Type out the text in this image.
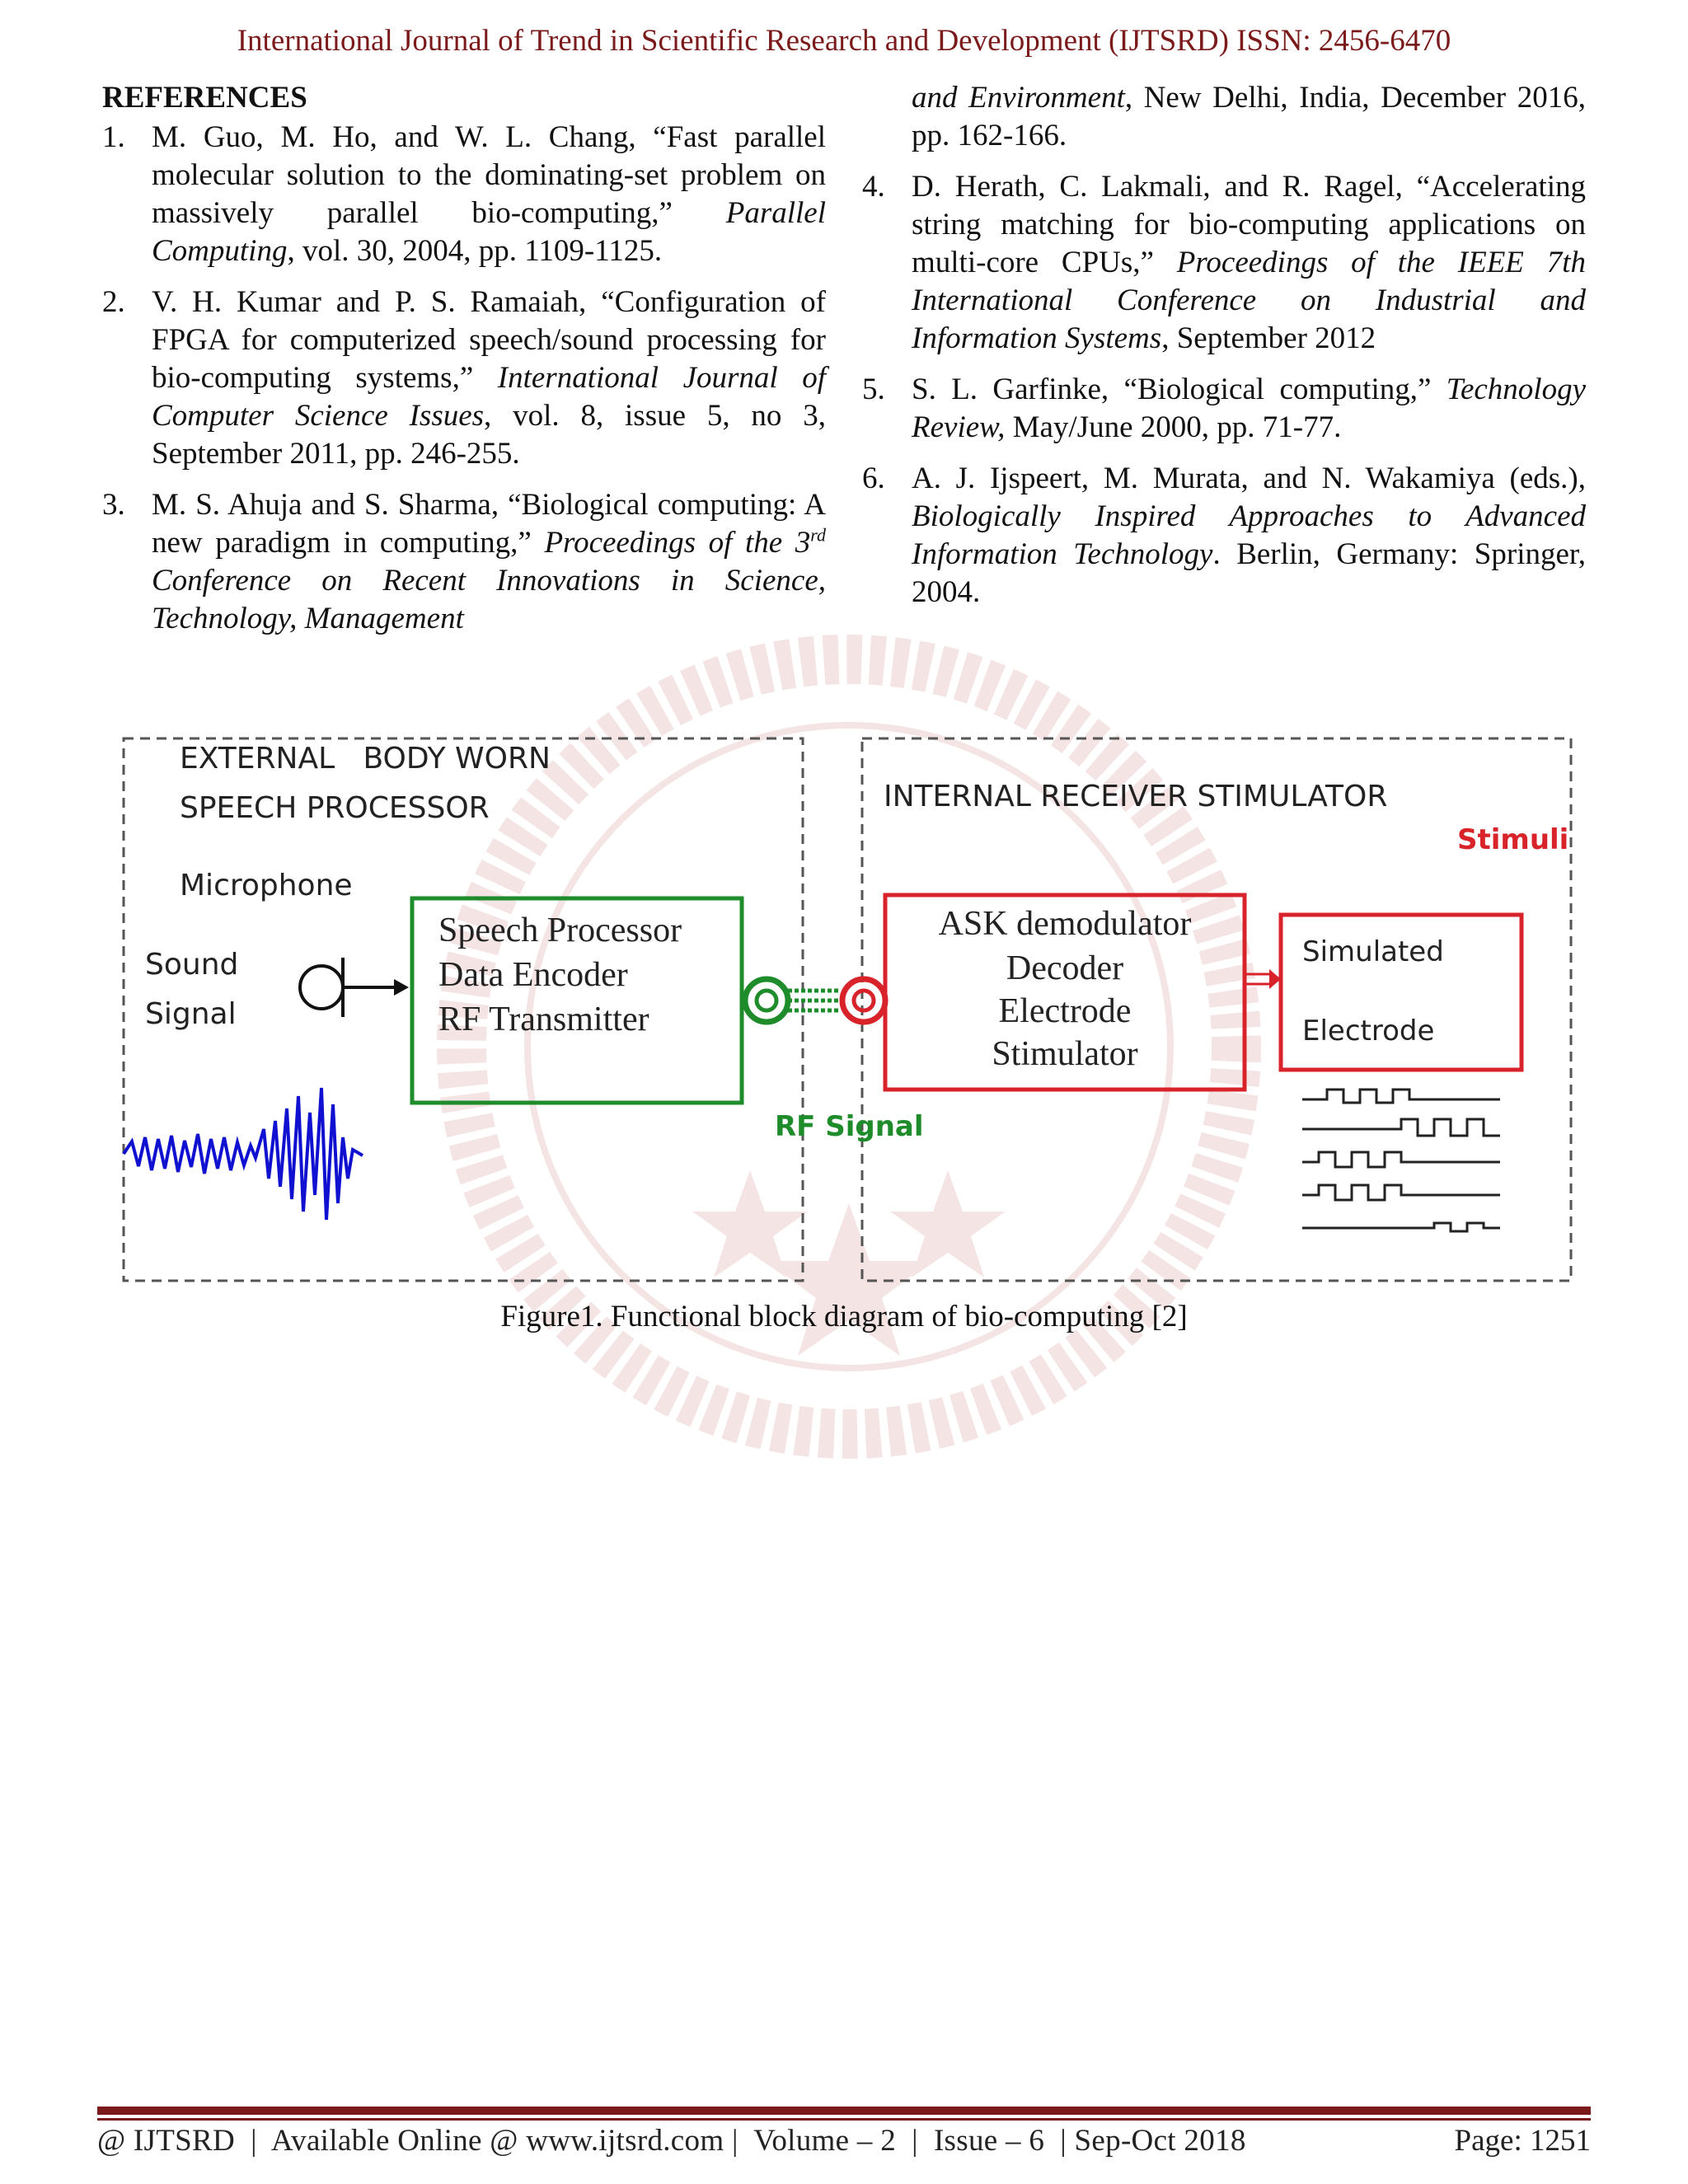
International Journal of Trend in Scientific Research and Development (IJTSRD) ISSN: 2456-6470
REFERENCES
1. M. Guo, M. Ho, and W. L. Chang, “Fast parallel molecular solution to the dominating-set problem on massively parallel bio-computing,” Parallel Computing, vol. 30, 2004, pp. 1109-1125.
2. V. H. Kumar and P. S. Ramaiah, “Configuration of FPGA for computerized speech/sound processing for bio-computing systems,” International Journal of Computer Science Issues, vol. 8, issue 5, no 3, September 2011, pp. 246-255.
3. M. S. Ahuja and S. Sharma, “Biological computing: A new paradigm in computing,” Proceedings of the 3rd Conference on Recent Innovations in Science, Technology, Management
and Environment, New Delhi, India, December 2016, pp. 162-166.
4. D. Herath, C. Lakmali, and R. Ragel, “Accelerating string matching for bio-computing applications on multi-core CPUs,” Proceedings of the IEEE 7th International Conference on Industrial and Information Systems, September 2012
5. S. L. Garfinke, “Biological computing,” Technology Review, May/June 2000, pp. 71-77.
6. A. J. Ijspeert, M. Murata, and N. Wakamiya (eds.), Biologically Inspired Approaches to Advanced Information Technology. Berlin, Germany: Springer, 2004.
EXTERNAL   BODY WORN
SPEECH PROCESSOR
Microphone
Sound
Signal
Speech Processor
Data Encoder
RF Transmitter
RF Signal
INTERNAL RECEIVER STIMULATOR
Stimuli
ASK demodulator
Decoder
Electrode
Stimulator
Simulated
Electrode
Figure1. Functional block diagram of bio-computing [2]
@ IJTSRD  |  Available Online @ www.ijtsrd.com |  Volume – 2  |  Issue – 6  | Sep-Oct 2018	Page: 1251
